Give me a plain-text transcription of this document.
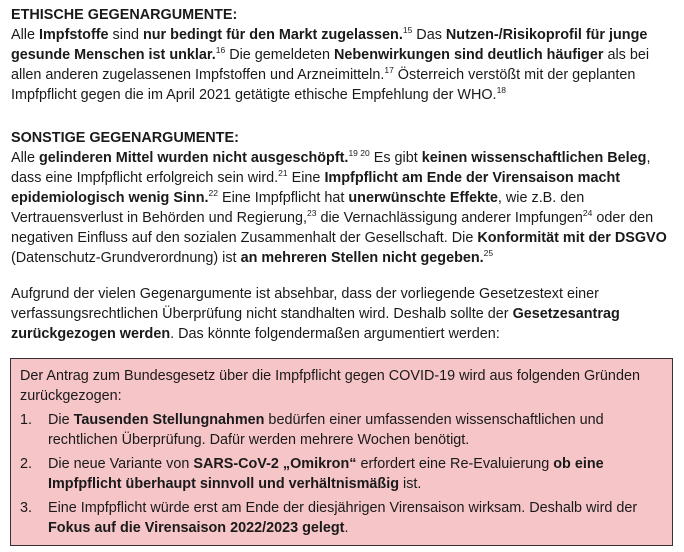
ETHISCHE GEGENARGUMENTE:

Alle Impfstoffe sind nur bedingt für den Markt zugelassen.$^{15}$ Das Nutzen-/Risikoprofil für junge gesunde Menschen ist unklar.$^{16}$ Die gemeldeten Nebenwirkungen sind deutlich häufiger als bei allen anderen zugelassenen Impfstoffen und Arzneimitteln.$^{17}$ Österreich verstößt mit der geplanten Impfpflicht gegen die im April 2021 getätigte ethische Empfehlung der WHO.$^{18}$

SONSTIGE GEGENARGUMENTE:

Alle gelinderen Mittel wurden nicht ausgeschöpft.$^{19 20}$ Es gibt keinen wissenschaftlichen Beleg, dass eine Impfpflicht erfolgreich sein wird.$^{21}$ Eine Impfpflicht am Ende der Virensaison macht epidemiologisch wenig Sinn.$^{22}$ Eine Impfpflicht hat unerwünschte Effekte, wie z.B. den Vertrauensverlust in Behörden und Regierung,$^{23}$ die Vernachlässigung anderer Impfungen$^{24}$ oder den negativen Einfluss auf den sozialen Zusammenhalt der Gesellschaft. Die Konformität mit der DSGVO (Datenschutz-Grundverordnung) ist an mehreren Stellen nicht gegeben.$^{25}$

Aufgrund der vielen Gegenargumente ist absehbar, dass der vorliegende Gesetzestext einer verfassungsrechtlichen Überprüfung nicht standhalten wird. Deshalb sollte der Gesetzesantrag zurückgezogen werden. Das könnte folgendermaßen argumentiert werden:

Der Antrag zum Bundesgesetz über die Impfpflicht gegen COVID-19 wird aus folgenden Gründen zurückgezogen:

1.	Die Tausenden Stellungnahmen bedürfen einer umfassenden wissenschaftlichen und rechtlichen Überprüfung. Dafür werden mehrere Wochen benötigt.
2.	Die neue Variante von SARS-CoV-2 „Omikron“ erfordert eine Re-Evaluierung ob eine Impfpflicht überhaupt sinnvoll und verhältnismäßig ist.
3.	Eine Impfpflicht würde erst am Ende der diesjährigen Virensaison wirksam. Deshalb wird der Fokus auf die Virensaison 2022/2023 gelegt.
